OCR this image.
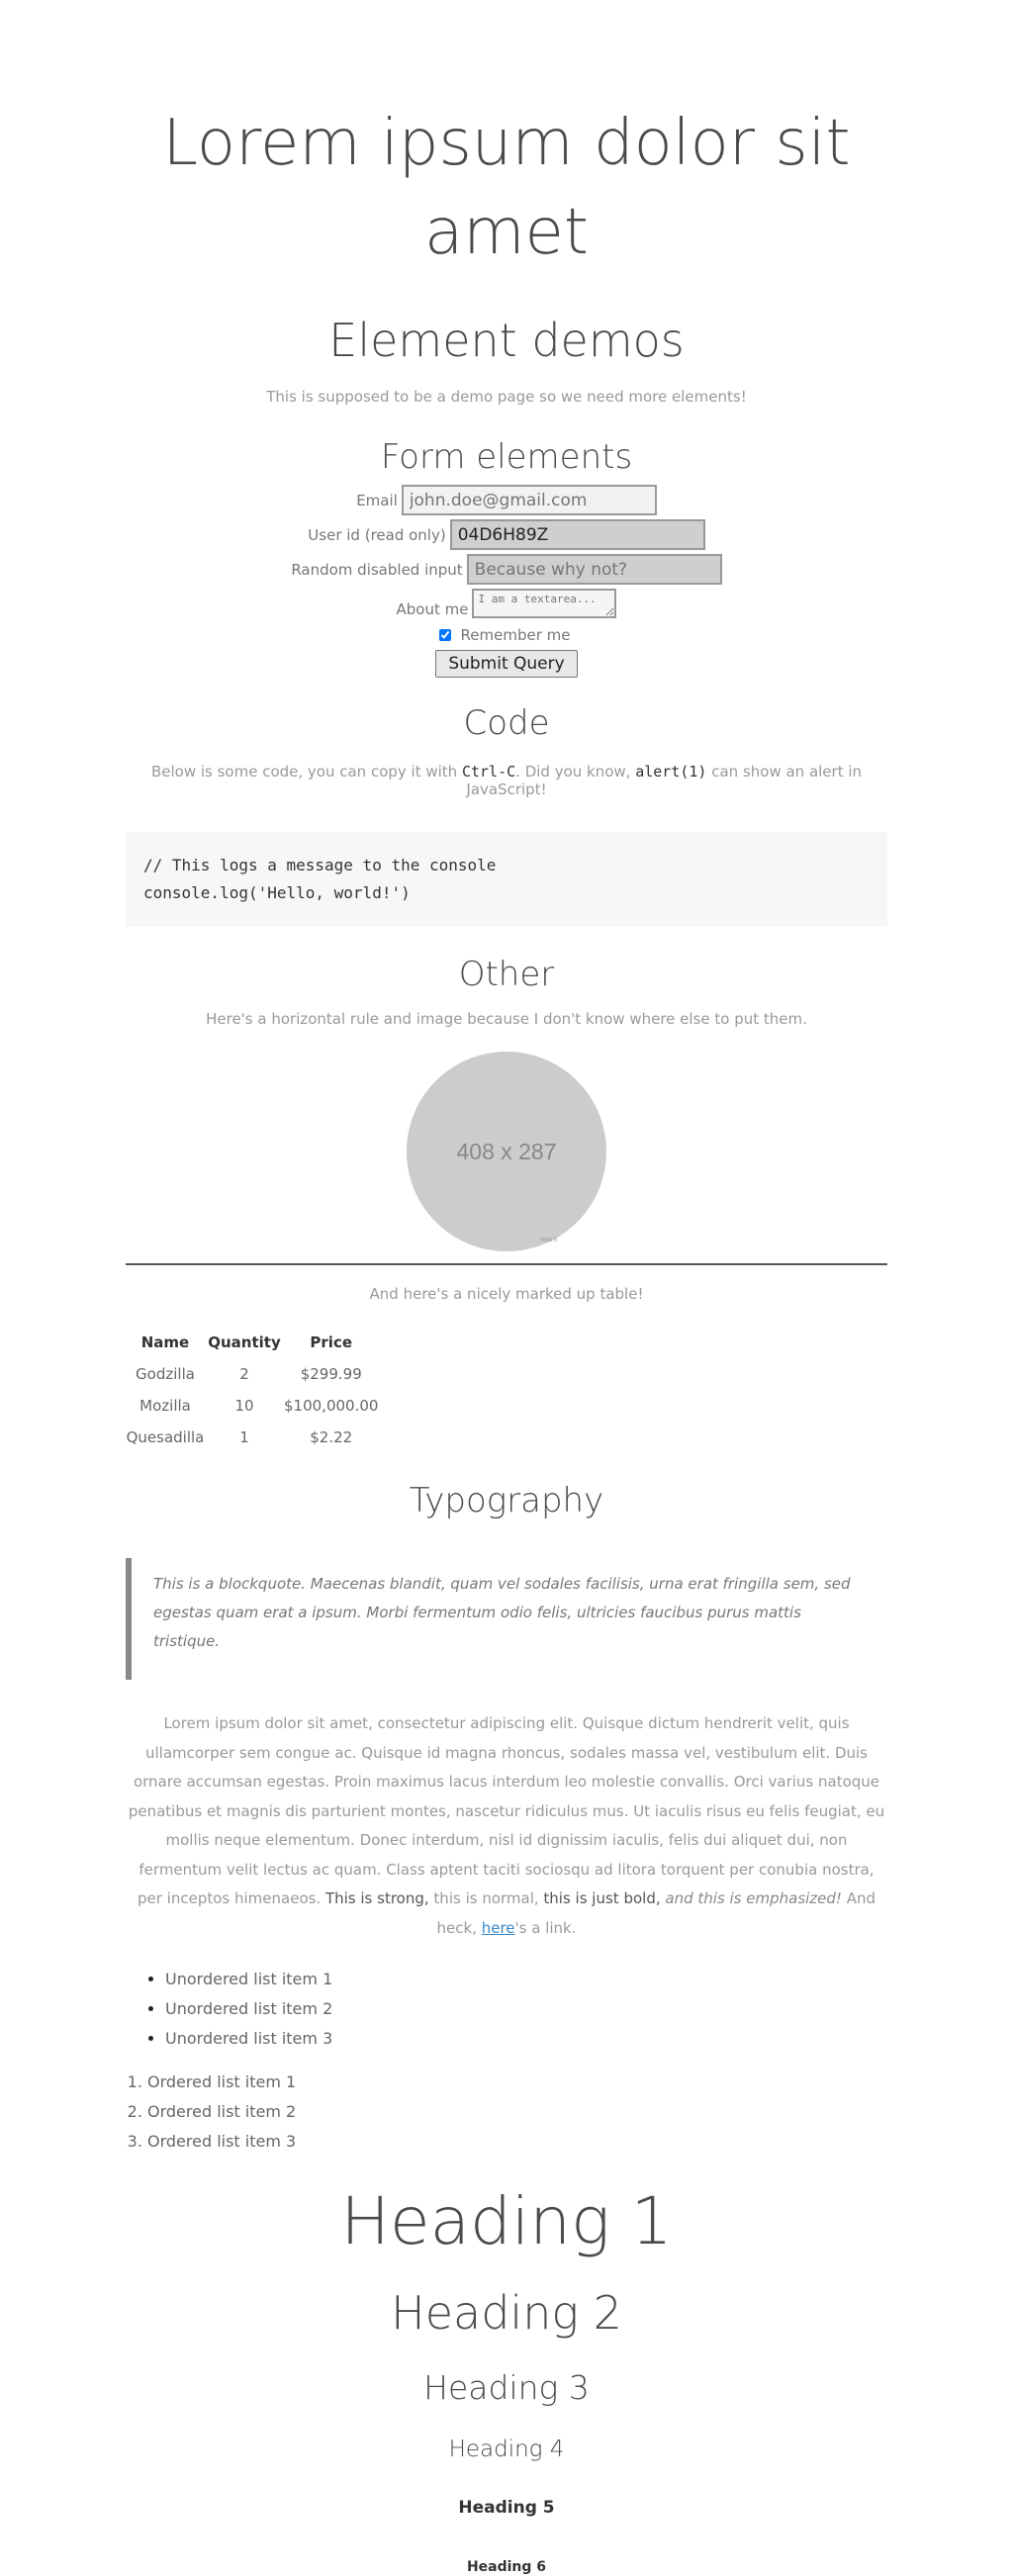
Lorem ipsum dolor sit amet
Element demos

This is supposed to be a demo page so we need more elements!

Form elements
Email
john.doe@gmail.com
User id (read only)
04D6H89Z
Random disabled input
Because why not?
About me
I am a textarea...
Remember me
Submit Query
Code

Below is some code, you can copy it with Ctrl-C. Did you know, alert(1) can show an alert in JavaScript!

// This logs a message to the console
console.log('Hello, world!')
Other

Here's a horizontal rule and image because I don't know where else to put them.

408 x 287
Hold It

And here's a nicely marked up table!

Name	Quantity	Price
Godzilla	2	$299.99
Mozilla	10	$100,000.00
Quesadilla	1	$2.22
Typography
This is a blockquote. Maecenas blandit, quam vel sodales facilisis, urna erat fringilla sem, sed egestas quam erat a ipsum. Morbi fermentum odio felis, ultricies faucibus purus mattis tristique.

Lorem ipsum dolor sit amet, consectetur adipiscing elit. Quisque dictum hendrerit velit, quis ullamcorper sem congue ac. Quisque id magna rhoncus, sodales massa vel, vestibulum elit. Duis ornare accumsan egestas. Proin maximus lacus interdum leo molestie convallis. Orci varius natoque penatibus et magnis dis parturient montes, nascetur ridiculus mus. Ut iaculis risus eu felis feugiat, eu mollis neque elementum. Donec interdum, nisl id dignissim iaculis, felis dui aliquet dui, non fermentum velit lectus ac quam. Class aptent taciti sociosqu ad litora torquent per conubia nostra, per inceptos himenaeos. This is strong, this is normal, this is just bold, and this is emphasized! And heck, here's a link.

• Unordered list item 1
• Unordered list item 2
• Unordered list item 3
1. Ordered list item 1
2. Ordered list item 2
3. Ordered list item 3
Heading 1
Heading 2
Heading 3
Heading 4
Heading 5
Heading 6
